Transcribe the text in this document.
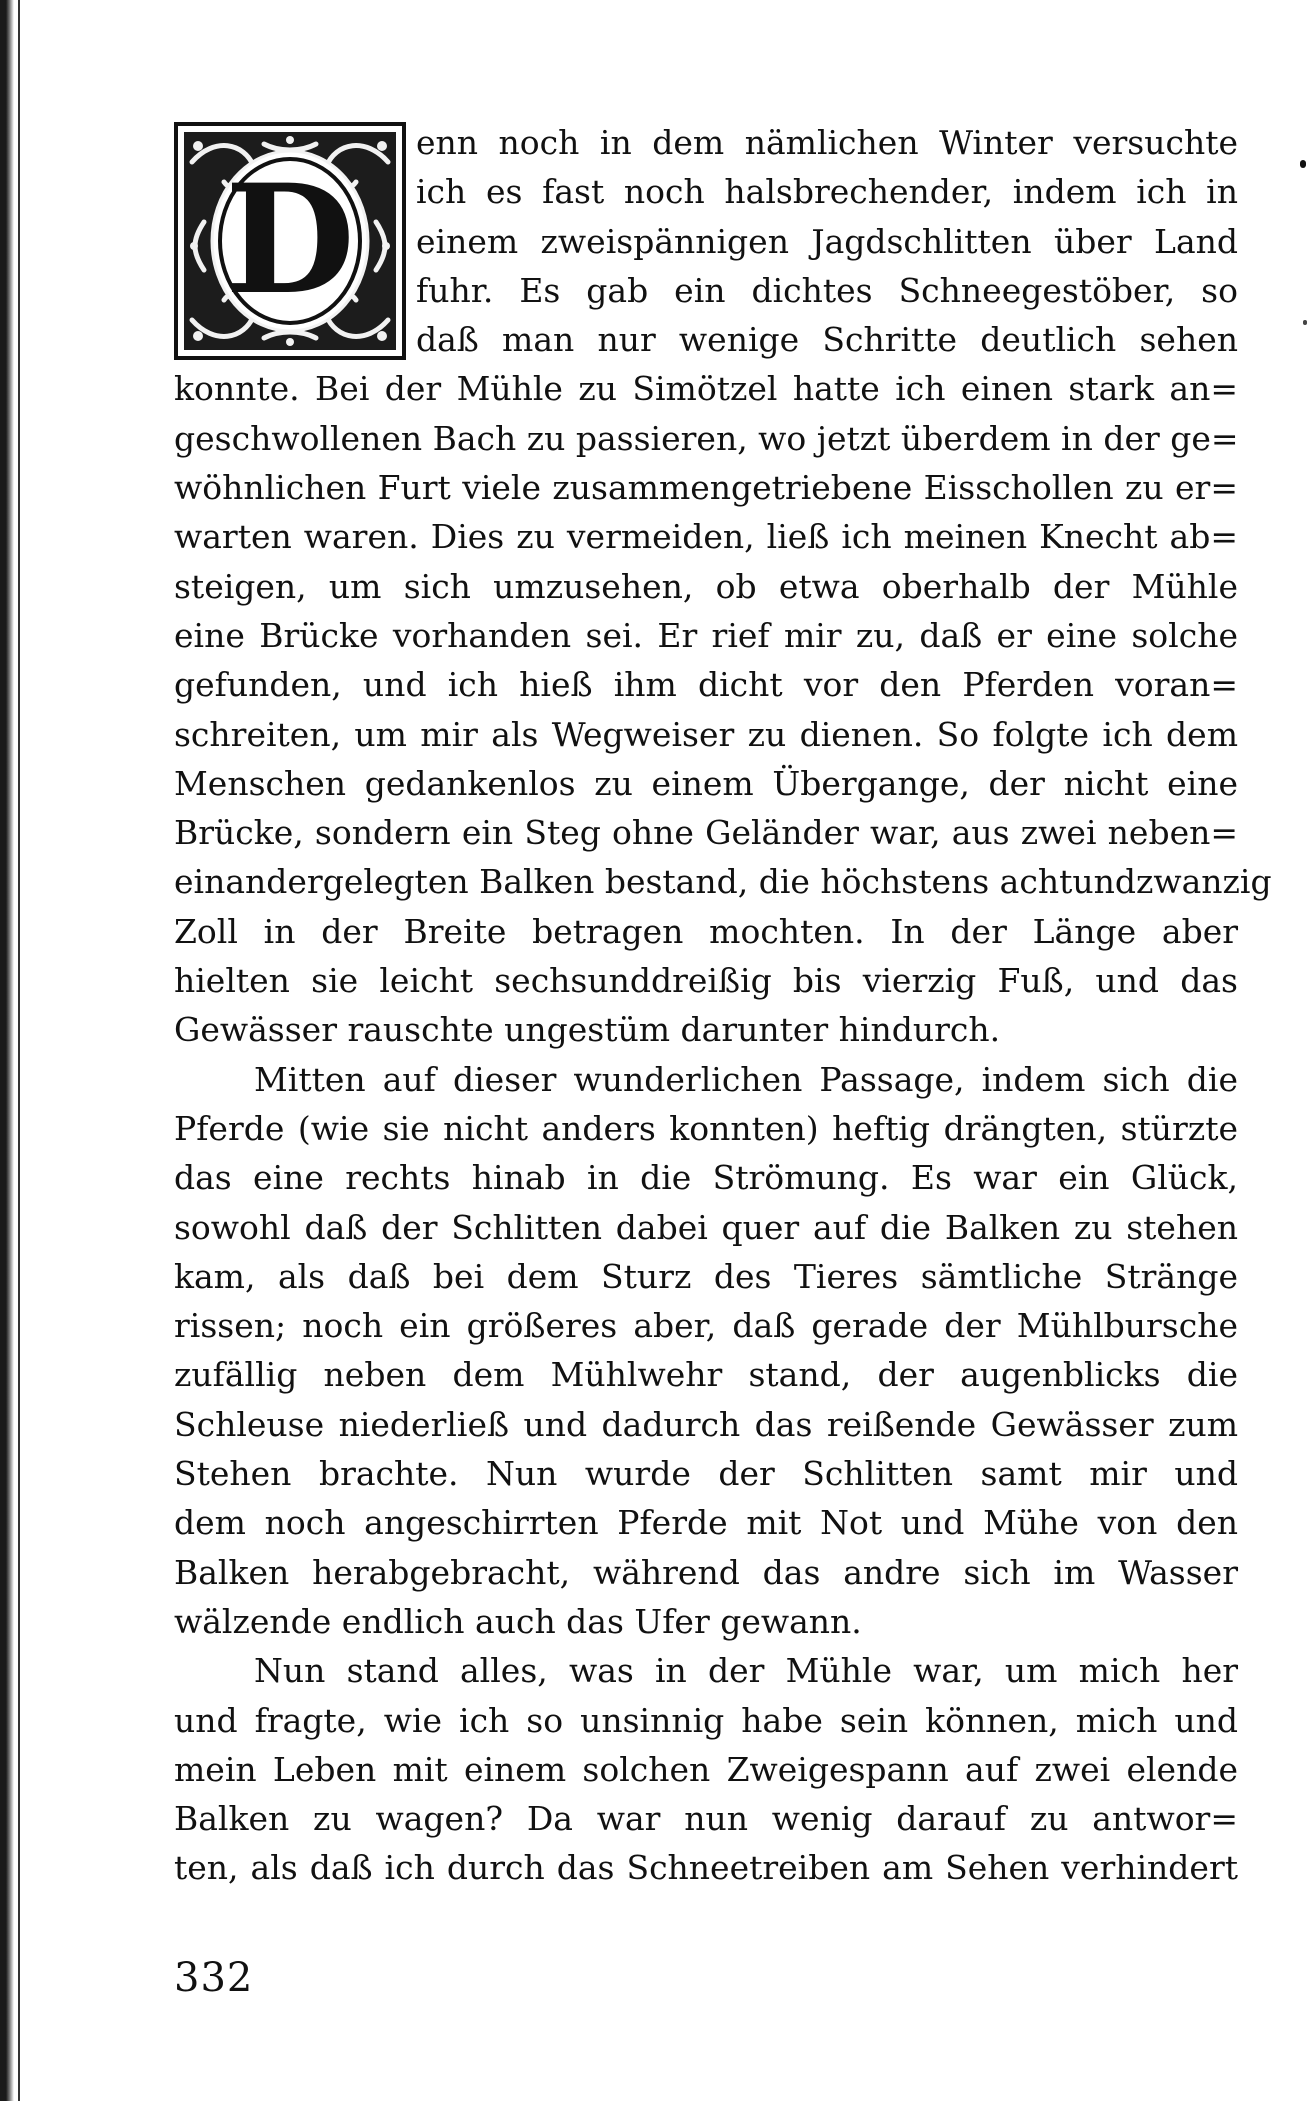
D
enn noch in dem nämlichen Winter versuchte
ich es fast noch halsbrechender, indem ich in
einem zweispännigen Jagdschlitten über Land
fuhr. Es gab ein dichtes Schneegestöber, so
daß man nur wenige Schritte deutlich sehen
konnte. Bei der Mühle zu Simötzel hatte ich einen stark an=
geschwollenen Bach zu passieren, wo jetzt überdem in der ge=
wöhnlichen Furt viele zusammengetriebene Eisschollen zu er=
warten waren. Dies zu vermeiden, ließ ich meinen Knecht ab=
steigen, um sich umzusehen, ob etwa oberhalb der Mühle
eine Brücke vorhanden sei. Er rief mir zu, daß er eine solche
gefunden, und ich hieß ihm dicht vor den Pferden voran=
schreiten, um mir als Wegweiser zu dienen. So folgte ich dem
Menschen gedankenlos zu einem Übergange, der nicht eine
Brücke, sondern ein Steg ohne Geländer war, aus zwei neben=
einandergelegten Balken bestand, die höchstens achtundzwanzig
Zoll in der Breite betragen mochten. In der Länge aber
hielten sie leicht sechsunddreißig bis vierzig Fuß, und das
Gewässer rauschte ungestüm darunter hindurch.
Mitten auf dieser wunderlichen Passage, indem sich die
Pferde (wie sie nicht anders konnten) heftig drängten, stürzte
das eine rechts hinab in die Strömung. Es war ein Glück,
sowohl daß der Schlitten dabei quer auf die Balken zu stehen
kam, als daß bei dem Sturz des Tieres sämtliche Stränge
rissen; noch ein größeres aber, daß gerade der Mühlbursche
zufällig neben dem Mühlwehr stand, der augenblicks die
Schleuse niederließ und dadurch das reißende Gewässer zum
Stehen brachte. Nun wurde der Schlitten samt mir und
dem noch angeschirrten Pferde mit Not und Mühe von den
Balken herabgebracht, während das andre sich im Wasser
wälzende endlich auch das Ufer gewann.
Nun stand alles, was in der Mühle war, um mich her
und fragte, wie ich so unsinnig habe sein können, mich und
mein Leben mit einem solchen Zweigespann auf zwei elende
Balken zu wagen? Da war nun wenig darauf zu antwor=
ten, als daß ich durch das Schneetreiben am Sehen verhindert
332
